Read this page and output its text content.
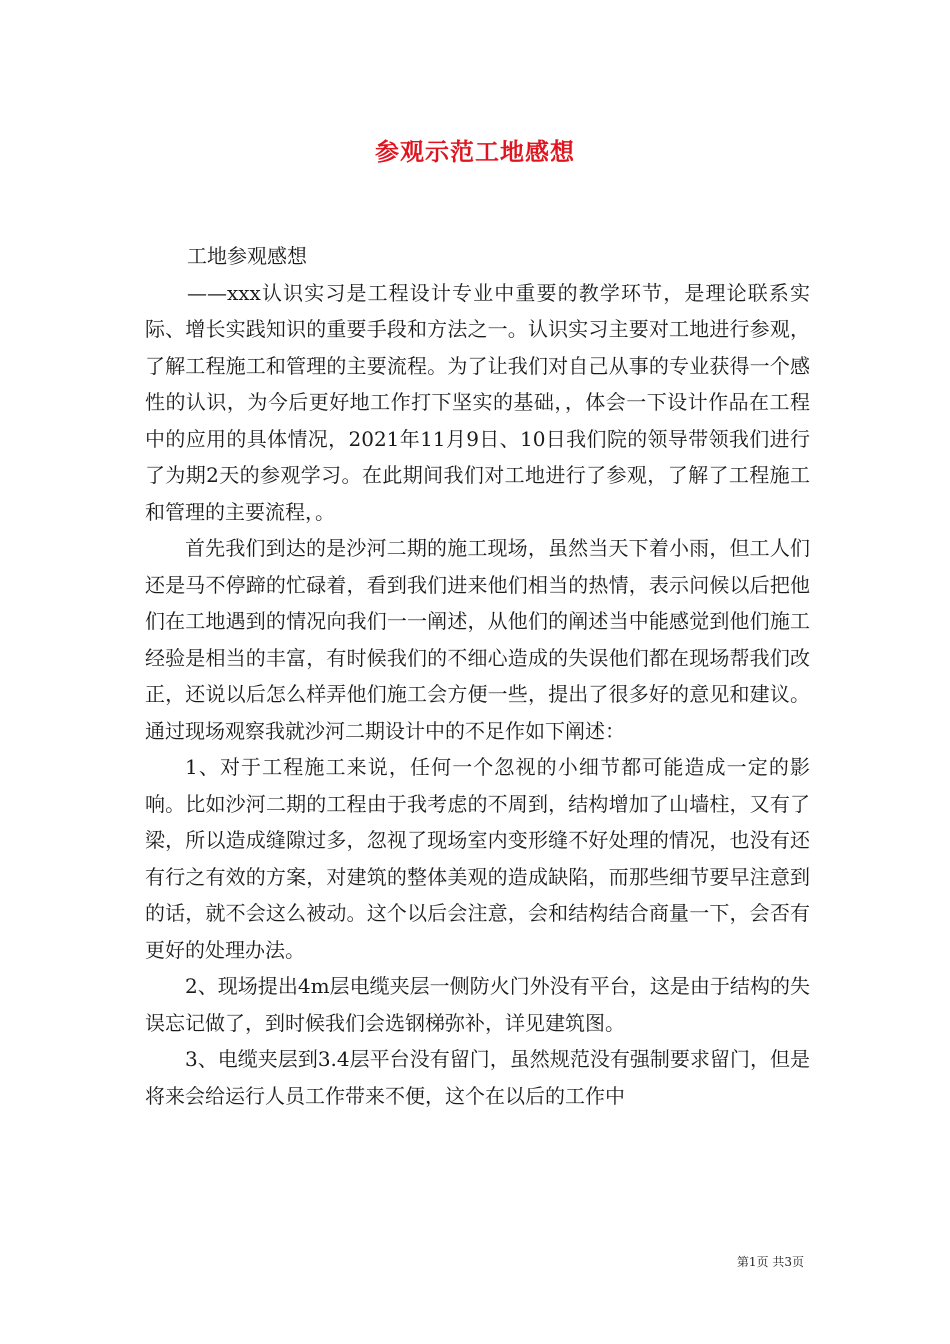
参观示范工地感想

工地参观感想

——xxx认识实习是工程设计专业中重要的教学环节，是理论联系实际、增长实践知识的重要手段和方法之一。认识实习主要对工地进行参观，了解工程施工和管理的主要流程。为了让我们对自己从事的专业获得一个感性的认识，为今后更好地工作打下坚实的基础，，体会一下设计作品在工程中的应用的具体情况，2021年11月9日、10日我们院的领导带领我们进行了为期2天的参观学习。在此期间我们对工地进行了参观，了解了工程施工和管理的主要流程，。

首先我们到达的是沙河二期的施工现场，虽然当天下着小雨，但工人们还是马不停蹄的忙碌着，看到我们进来他们相当的热情，表示问候以后把他们在工地遇到的情况向我们一一阐述，从他们的阐述当中能感觉到他们施工经验是相当的丰富，有时候我们的不细心造成的失误他们都在现场帮我们改正，还说以后怎么样弄他们施工会方便一些，提出了很多好的意见和建议。通过现场观察我就沙河二期设计中的不足作如下阐述：

1、对于工程施工来说，任何一个忽视的小细节都可能造成一定的影响。比如沙河二期的工程由于我考虑的不周到，结构增加了山墙柱，又有了梁，所以造成缝隙过多，忽视了现场室内变形缝不好处理的情况，也没有还有行之有效的方案，对建筑的整体美观的造成缺陷，而那些细节要早注意到的话，就不会这么被动。这个以后会注意，会和结构结合商量一下，会否有更好的处理办法。

2、现场提出4m层电缆夹层一侧防火门外没有平台，这是由于结构的失误忘记做了，到时候我们会选钢梯弥补，详见建筑图。

3、电缆夹层到3.4层平台没有留门，虽然规范没有强制要求留门，但是将来会给运行人员工作带来不便，这个在以后的工作中

第1页 共3页
